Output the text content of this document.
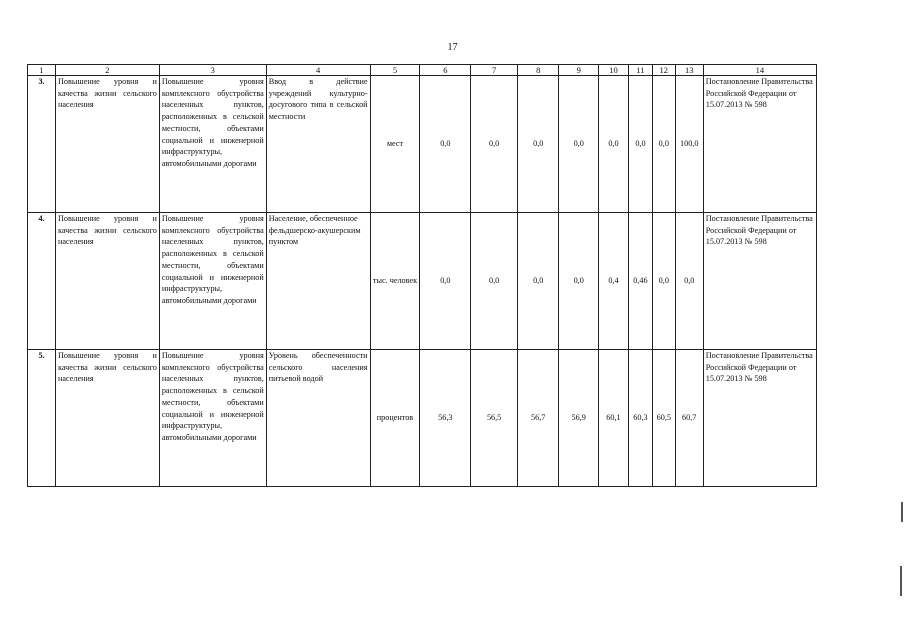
17
1	2	3	4	5	6	7	8	9	10	11	12	13	14
3.	Повышение уровня и качества жизни сельского населения	Повышение уровня комплексного обустройства населенных пунктов, расположенных в сельской местности, объектами социальной и инженерной инфраструктуры, автомобильными дорогами	Ввод в действие учреждений культурно-досугового типа в сельской местности	мест	0,0	0,0	0,0	0,0	0,0	0,0	0,0	100,0	Постановление Правительства Российской Федерации от 15.07.2013 № 598
4.	Повышение уровня и качества жизни сельского населения	Повышение уровня комплексного обустройства населенных пунктов, расположенных в сельской местности, объектами социальной и инженерной инфраструктуры, автомобильными дорогами	Население, обеспеченное фельдшерско-акушерским пунктом	тыс. человек	0,0	0,0	0,0	0,0	0,4	0,46	0,0	0,0	Постановление Правительства Российской Федерации от 15.07.2013 № 598
5.	Повышение уровня и качества жизни сельского населения	Повышение уровня комплексного обустройства населенных пунктов, расположенных в сельской местности, объектами социальной и инженерной инфраструктуры, автомобильными дорогами	Уровень обеспеченности сельского населения питьевой водой	процентов	56,3	56,5	56,7	56,9	60,1	60,3	60,5	60,7	Постановление Правительства Российской Федерации от 15.07.2013 № 598
